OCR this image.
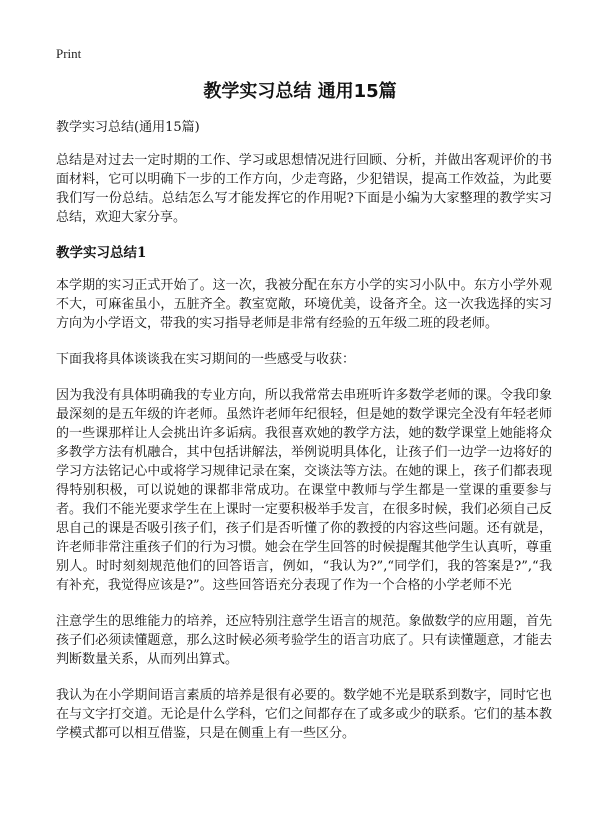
Print
教学实习总结 通用15篇

教学实习总结(通用15篇)

总结是对过去一定时期的工作、学习或思想情况进行回顾、分析，并做出客观评价的书面材料，它可以明确下一步的工作方向，少走弯路，少犯错误，提高工作效益，为此要我们写一份总结。总结怎么写才能发挥它的作用呢?下面是小编为大家整理的教学实习总结，欢迎大家分享。

教学实习总结1

本学期的实习正式开始了。这一次，我被分配在东方小学的实习小队中。东方小学外观不大，可麻雀虽小，五脏齐全。教室宽敞，环境优美，设备齐全。这一次我选择的实习方向为小学语文，带我的实习指导老师是非常有经验的五年级二班的段老师。

下面我将具体谈谈我在实习期间的一些感受与收获：

因为我没有具体明确我的专业方向，所以我常常去串班听许多数学老师的课。令我印象最深刻的是五年级的许老师。虽然许老师年纪很轻，但是她的数学课完全没有年轻老师的一些课那样让人会挑出许多诟病。我很喜欢她的教学方法，她的数学课堂上她能将众多教学方法有机融合，其中包括讲解法，举例说明具体化，让孩子们一边学一边将好的学习方法铭记心中或将学习规律记录在案，交谈法等方法。在她的课上，孩子们都表现得特别积极，可以说她的课都非常成功。在课堂中教师与学生都是一堂课的重要参与者。我们不能光要求学生在上课时一定要积极举手发言，在很多时候，我们必须自己反思自己的课是否吸引孩子们，孩子们是否听懂了你的教授的内容这些问题。还有就是，许老师非常注重孩子们的行为习惯。她会在学生回答的时候提醒其他学生认真听，尊重别人。时时刻刻规范他们的回答语言，例如，“我认为?”,“同学们，我的答案是?”,“我有补充，我觉得应该是?”。这些回答语充分表现了作为一个合格的小学老师不光

注意学生的思维能力的培养，还应特别注意学生语言的规范。象做数学的应用题，首先孩子们必须读懂题意，那么这时候必须考验学生的语言功底了。只有读懂题意，才能去判断数量关系，从而列出算式。

我认为在小学期间语言素质的培养是很有必要的。数学她不光是联系到数字，同时它也在与文字打交道。无论是什么学科，它们之间都存在了或多或少的联系。它们的基本教学模式都可以相互借鉴，只是在侧重上有一些区分。
